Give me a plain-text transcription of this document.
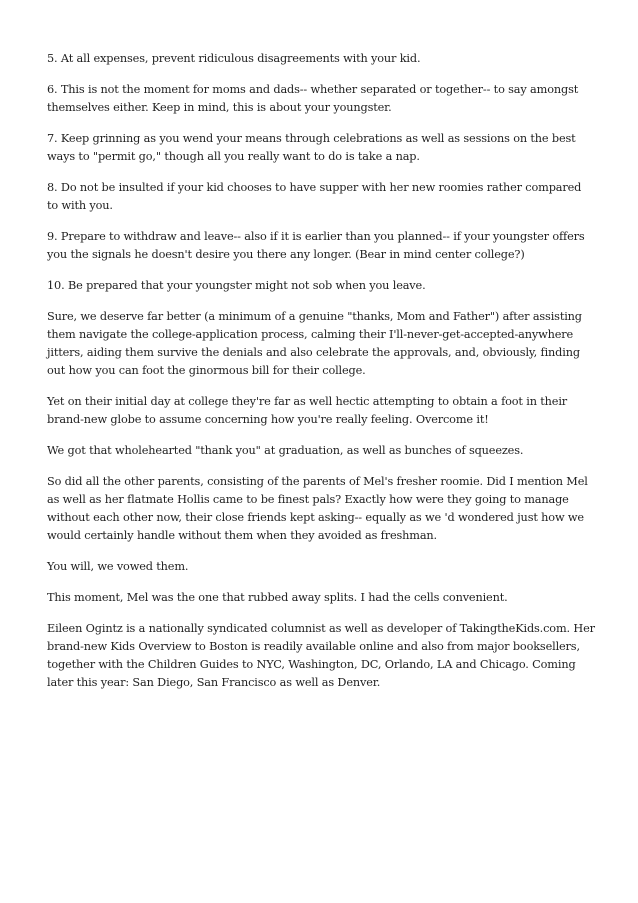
5. At all expenses, prevent ridiculous disagreements with your kid.

6. This is not the moment for moms and dads-- whether separated or together-- to say amongst themselves either. Keep in mind, this is about your youngster.

7. Keep grinning as you wend your means through celebrations as well as sessions on the best ways to "permit go," though all you really want to do is take a nap.

8. Do not be insulted if your kid chooses to have supper with her new roomies rather compared to with you.

9. Prepare to withdraw and leave-- also if it is earlier than you planned-- if your youngster offers you the signals he doesn't desire you there any longer. (Bear in mind center college?)

10. Be prepared that your youngster might not sob when you leave.

Sure, we deserve far better (a minimum of a genuine "thanks, Mom and Father") after assisting them navigate the college-application process, calming their I'll-never-get-accepted-anywhere jitters, aiding them survive the denials and also celebrate the approvals, and, obviously, finding out how you can foot the ginormous bill for their college.

Yet on their initial day at college they're far as well hectic attempting to obtain a foot in their brand-new globe to assume concerning how you're really feeling. Overcome it!

We got that wholehearted "thank you" at graduation, as well as bunches of squeezes.

So did all the other parents, consisting of the parents of Mel's fresher roomie. Did I mention Mel as well as her flatmate Hollis came to be finest pals? Exactly how were they going to manage without each other now, their close friends kept asking-- equally as we 'd wondered just how we would certainly handle without them when they avoided as freshman.

You will, we vowed them.

This moment, Mel was the one that rubbed away splits. I had the cells convenient.

Eileen Ogintz is a nationally syndicated columnist as well as developer of TakingtheKids.com. Her brand-new Kids Overview to Boston is readily available online and also from major booksellers, together with the Children Guides to NYC, Washington, DC, Orlando, LA and Chicago. Coming later this year: San Diego, San Francisco as well as Denver.
